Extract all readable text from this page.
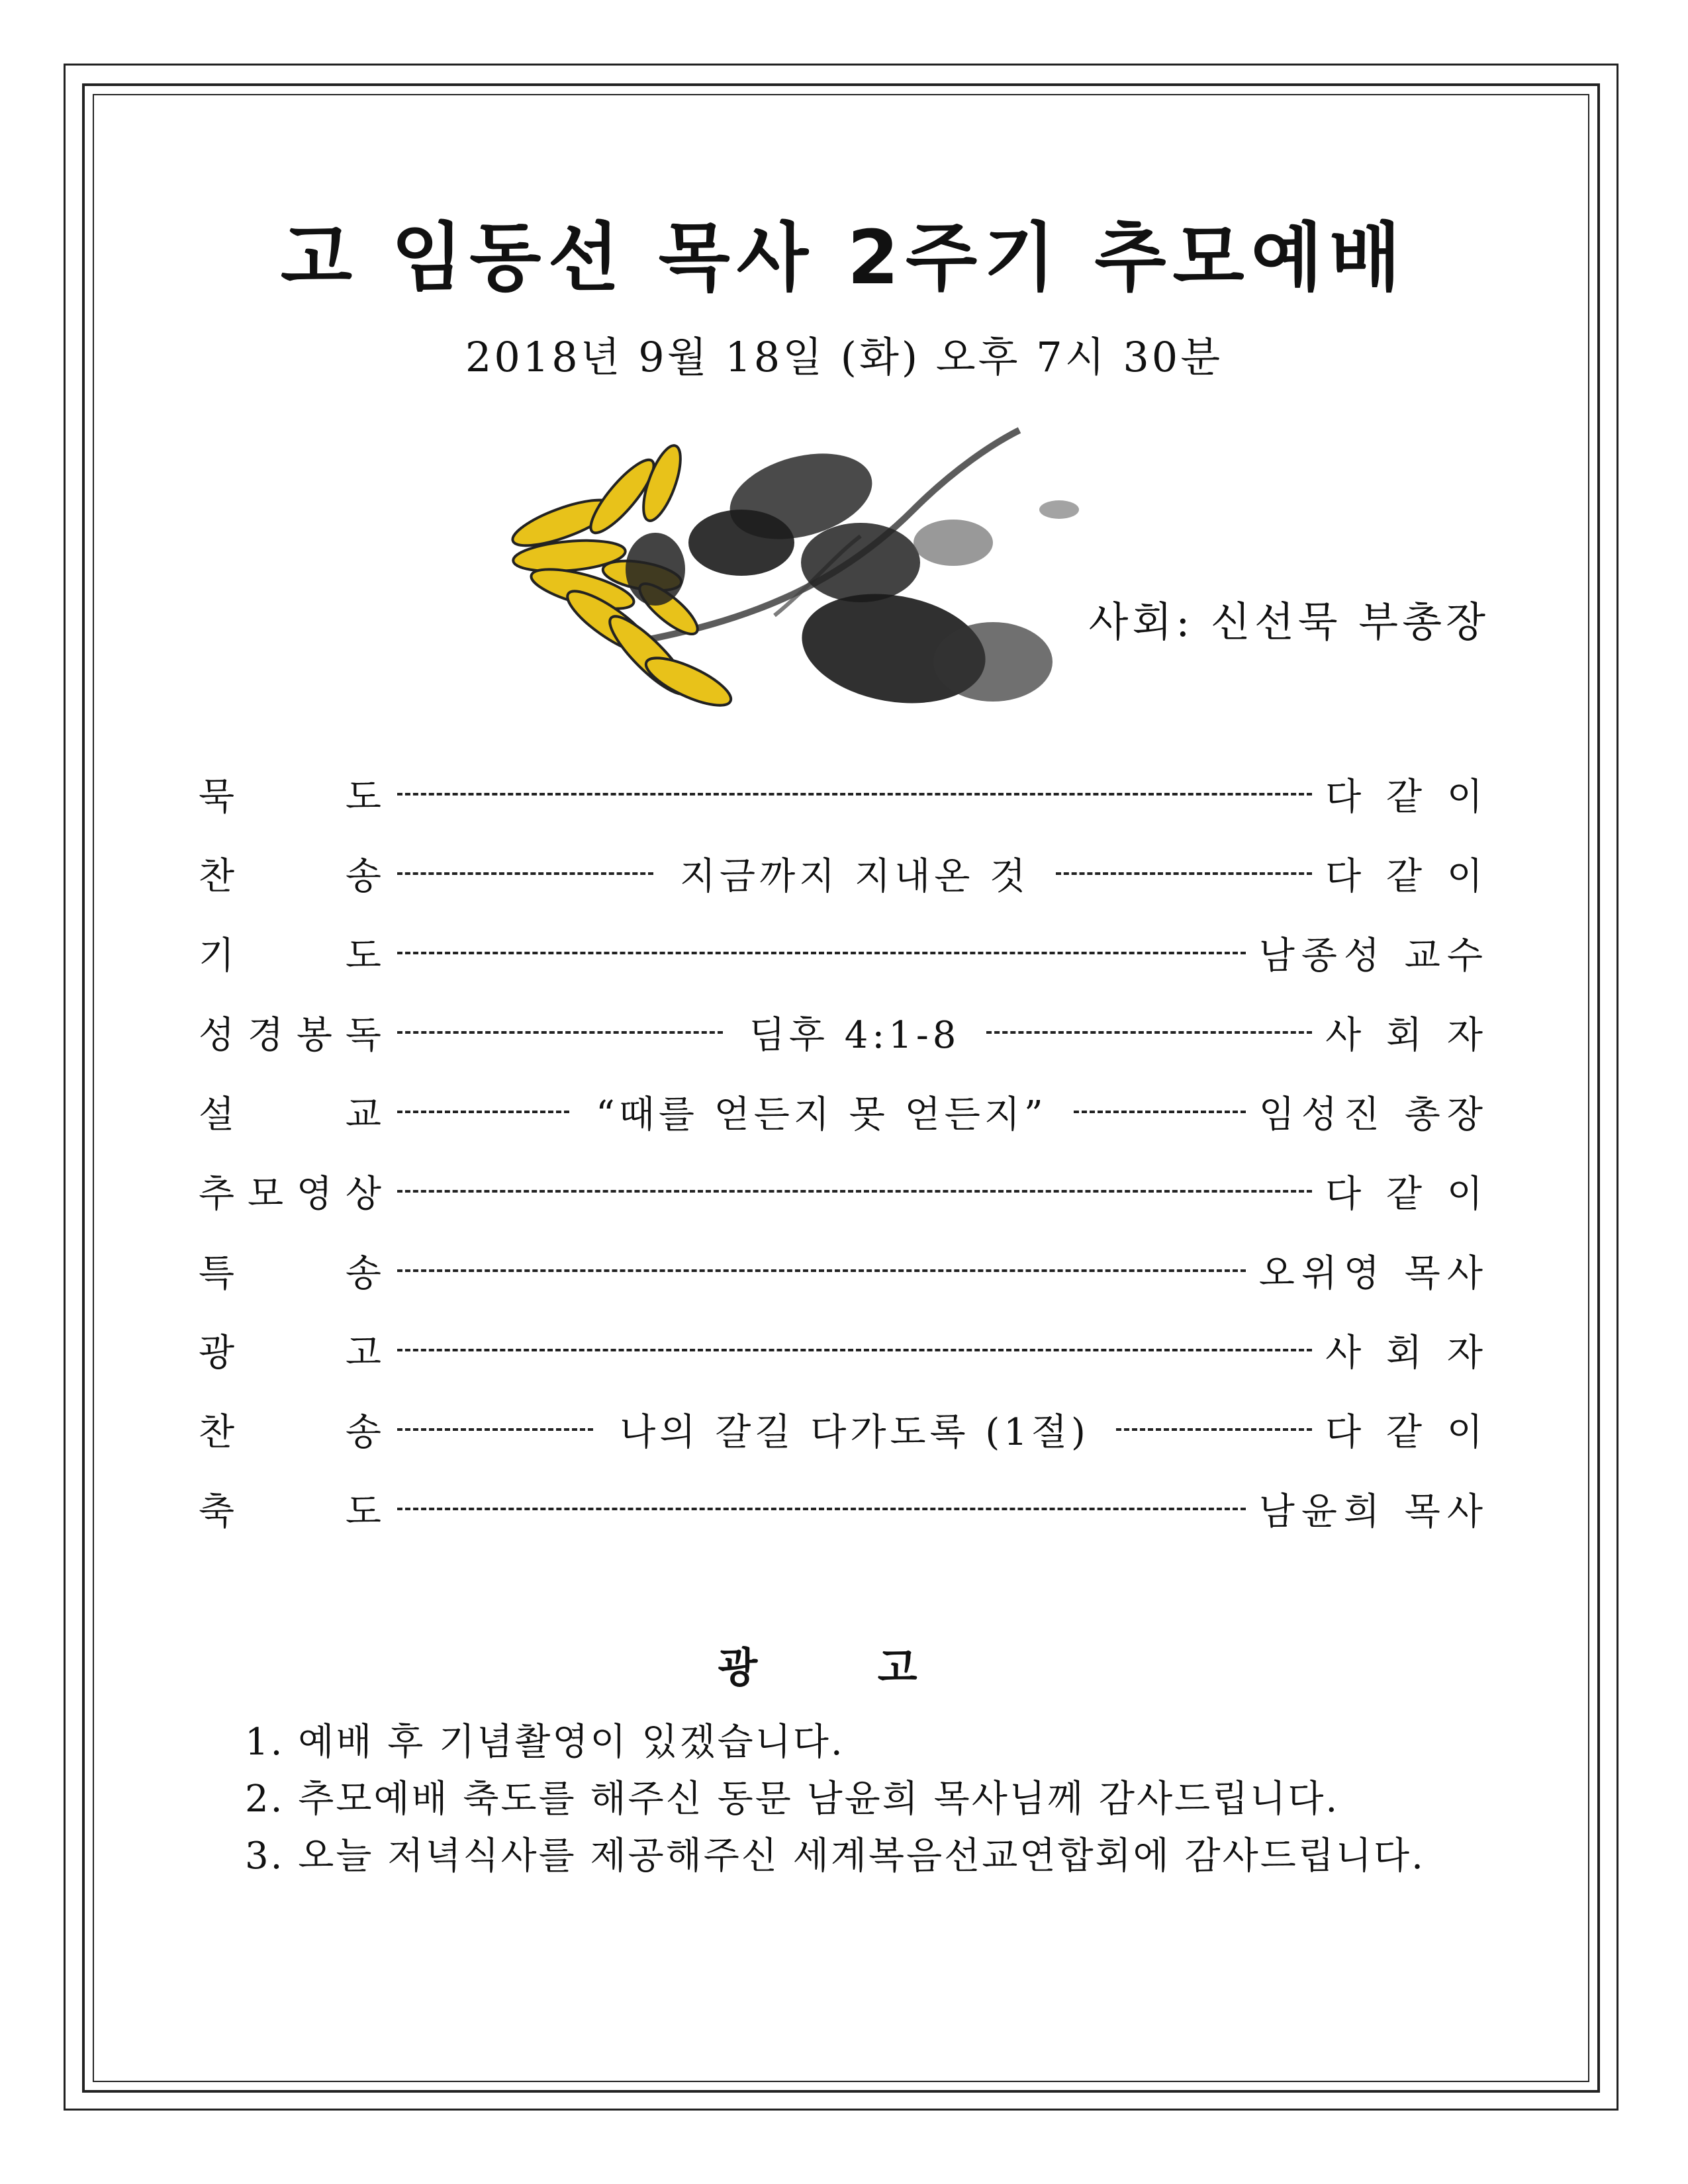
고 임동선 목사 2주기 추모예배
2018년 9월 18일 (화) 오후 7시 30분
사회: 신선묵 부총장
묵	도	다 같 이
찬	송	지금까지 지내온 것	다 같 이
기	도	남종성 교수
성 경 봉 독	딤후 4:1-8	사 회 자
설	교	“때를 얻든지 못 얻든지”	임성진 총장
추 모 영 상	다 같 이
특	송	오위영 목사
광	고	사 회 자
찬	송	나의 갈길 다가도록 (1절)	다 같 이
축	도	남윤희 목사
광 고
1. 예배 후 기념촬영이 있겠습니다.
2. 추모예배 축도를 해주신 동문 남윤희 목사님께 감사드립니다.
3. 오늘 저녁식사를 제공해주신 세계복음선교연합회에 감사드립니다.
